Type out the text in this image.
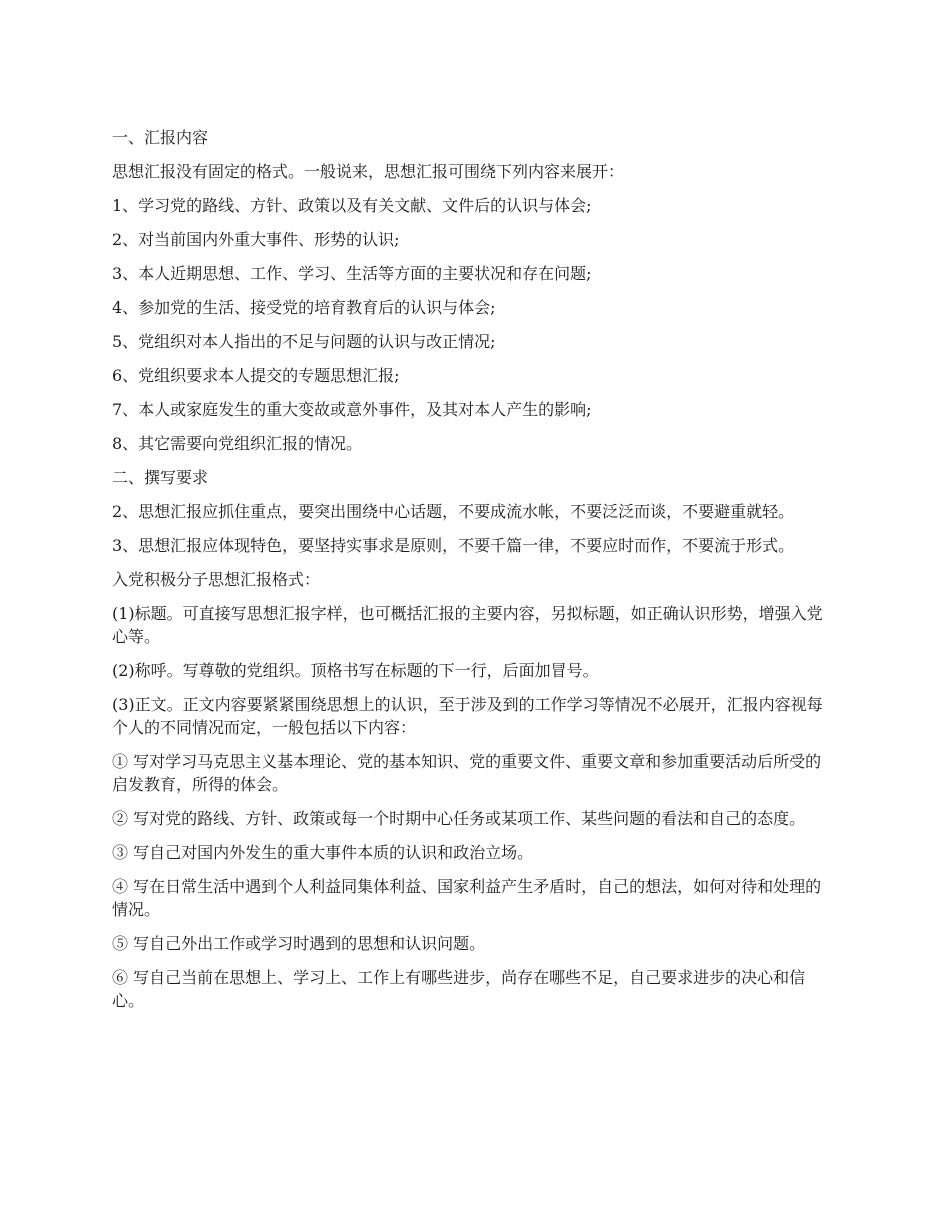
一、汇报内容

思想汇报没有固定的格式。一般说来，思想汇报可围绕下列内容来展开：

1、学习党的路线、方针、政策以及有关文献、文件后的认识与体会;

2、对当前国内外重大事件、形势的认识;

3、本人近期思想、工作、学习、生活等方面的主要状况和存在问题;

4、参加党的生活、接受党的培育教育后的认识与体会;

5、党组织对本人指出的不足与问题的认识与改正情况;

6、党组织要求本人提交的专题思想汇报;

7、本人或家庭发生的重大变故或意外事件，及其对本人产生的影响;

8、其它需要向党组织汇报的情况。

二、撰写要求

2、思想汇报应抓住重点，要突出围绕中心话题，不要成流水帐，不要泛泛而谈，不要避重就轻。

3、思想汇报应体现特色，要坚持实事求是原则，不要千篇一律，不要应时而作，不要流于形式。

入党积极分子思想汇报格式：

(1)标题。可直接写思想汇报字样，也可概括汇报的主要内容，另拟标题，如正确认识形势，增强入党心等。

(2)称呼。写尊敬的党组织。顶格书写在标题的下一行，后面加冒号。

(3)正文。正文内容要紧紧围绕思想上的认识，至于涉及到的工作学习等情况不必展开，汇报内容视每个人的不同情况而定，一般包括以下内容：

① 写对学习马克思主义基本理论、党的基本知识、党的重要文件、重要文章和参加重要活动后所受的启发教育，所得的体会。

② 写对党的路线、方针、政策或每一个时期中心任务或某项工作、某些问题的看法和自己的态度。

③ 写自己对国内外发生的重大事件本质的认识和政治立场。

④ 写在日常生活中遇到个人利益同集体利益、国家利益产生矛盾时，自己的想法，如何对待和处理的情况。

⑤ 写自己外出工作或学习时遇到的思想和认识问题。

⑥ 写自己当前在思想上、学习上、工作上有哪些进步，尚存在哪些不足，自己要求进步的决心和信心。
